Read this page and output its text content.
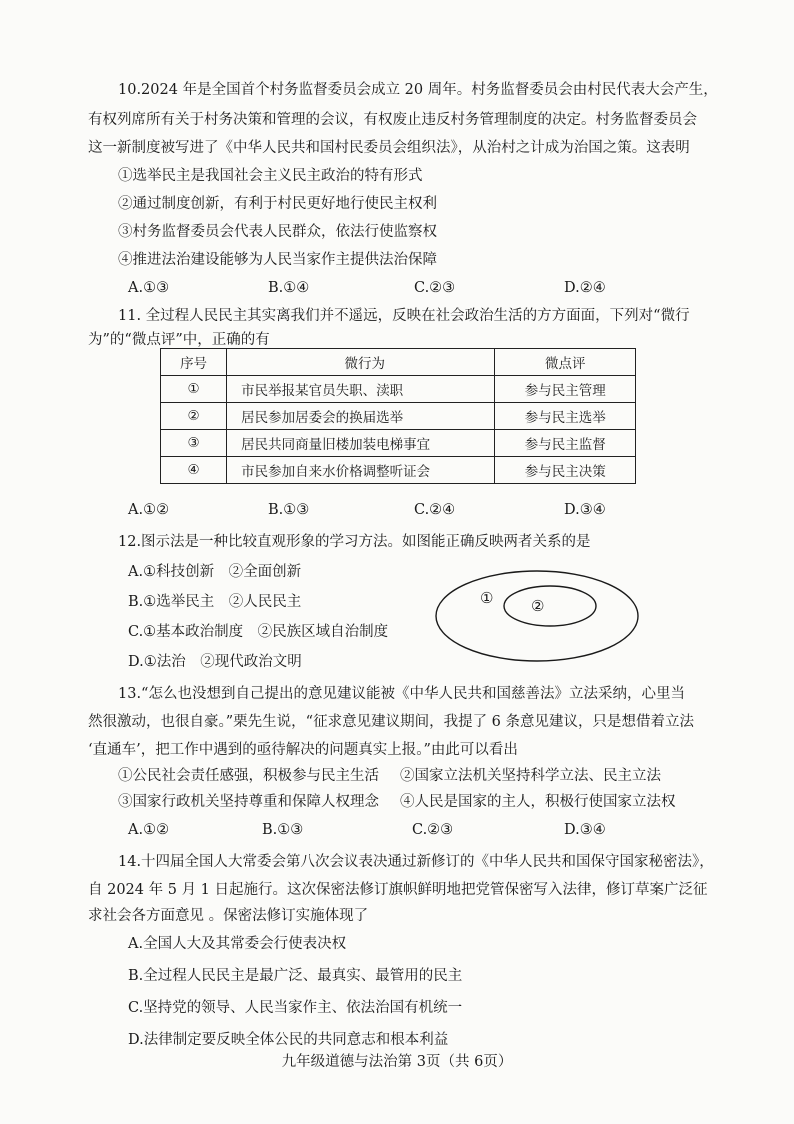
10.2024 年是全国首个村务监督委员会成立 20 周年。村务监督委员会由村民代表大会产生，
有权列席所有关于村务决策和管理的会议，有权废止违反村务管理制度的决定。村务监督委员会
这一新制度被写进了《中华人民共和国村民委员会组织法》，从治村之计成为治国之策。这表明
①选举民主是我国社会主义民主政治的特有形式
②通过制度创新，有利于村民更好地行使民主权利
③村务监督委员会代表人民群众，依法行使监察权
④推进法治建设能够为人民当家作主提供法治保障
A.①③	B.①④	C.②③	D.②④
11. 全过程人民民主其实离我们并不遥远，反映在社会政治生活的方方面面，下列对“微行
为”的“微点评”中，正确的有
序号	微行为	微点评
①	市民举报某官员失职、渎职	参与民主管理
②	居民参加居委会的换届选举	参与民主选举
③	居民共同商量旧楼加装电梯事宜	参与民主监督
④	市民参加自来水价格调整听证会	参与民主决策
A.①②	B.①③	C.②④	D.③④
12.图示法是一种比较直观形象的学习方法。如图能正确反映两者关系的是
A.①科技创新　②全面创新
B.①选举民主　②人民民主
C.①基本政治制度　②民族区域自治制度
D.①法治　②现代政治文明
①	②
13.“怎么也没想到自己提出的意见建议能被《中华人民共和国慈善法》立法采纳，心里当
然很激动，也很自豪。”栗先生说，“征求意见建议期间，我提了 6 条意见建议，只是想借着立法
‘直通车’，把工作中遇到的亟待解决的问题真实上报。”由此可以看出
①公民社会责任感强，积极参与民主生活 ②国家立法机关坚持科学立法、民主立法
③国家行政机关坚持尊重和保障人权理念 ④人民是国家的主人，积极行使国家立法权
A.①②	B.①③	C.②③	D.③④
14.十四届全国人大常委会第八次会议表决通过新修订的《中华人民共和国保守国家秘密法》，
自 2024 年 5 月 1 日起施行。这次保密法修订旗帜鲜明地把党管保密写入法律，修订草案广泛征
求社会各方面意见 。保密法修订实施体现了
A.全国人大及其常委会行使表决权
B.全过程人民民主是最广泛、最真实、最管用的民主
C.坚持党的领导、人民当家作主、依法治国有机统一
D.法律制定要反映全体公民的共同意志和根本利益
九年级道德与法治第 3页（共 6页）
